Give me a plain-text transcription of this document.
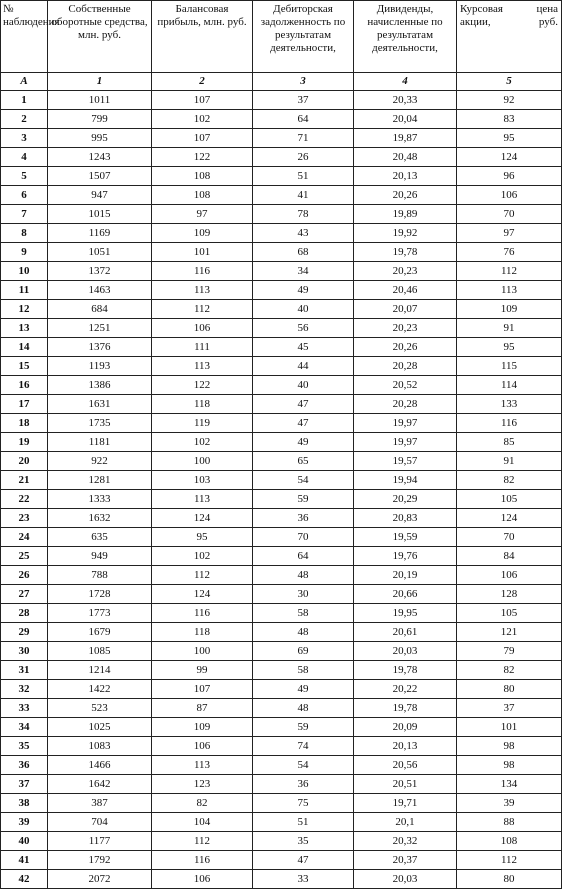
№ наблюдения	Собственные оборотные средства, млн. руб.	Балансовая прибыль, млн. руб.	Дебиторская задолженность по результатам деятельности,	Дивиденды, начисленные по результатам деятельности,	Курсовая цена акции, руб.

А	1	2	3	4	5
1	1011	107	37	20,33	92
2	799	102	64	20,04	83
3	995	107	71	19,87	95
4	1243	122	26	20,48	124
5	1507	108	51	20,13	96
6	947	108	41	20,26	106
7	1015	97	78	19,89	70
8	1169	109	43	19,92	97
9	1051	101	68	19,78	76
10	1372	116	34	20,23	112
11	1463	113	49	20,46	113
12	684	112	40	20,07	109
13	1251	106	56	20,23	91
14	1376	111	45	20,26	95
15	1193	113	44	20,28	115
16	1386	122	40	20,52	114
17	1631	118	47	20,28	133
18	1735	119	47	19,97	116
19	1181	102	49	19,97	85
20	922	100	65	19,57	91
21	1281	103	54	19,94	82
22	1333	113	59	20,29	105
23	1632	124	36	20,83	124
24	635	95	70	19,59	70
25	949	102	64	19,76	84
26	788	112	48	20,19	106
27	1728	124	30	20,66	128
28	1773	116	58	19,95	105
29	1679	118	48	20,61	121
30	1085	100	69	20,03	79
31	1214	99	58	19,78	82
32	1422	107	49	20,22	80
33	523	87	48	19,78	37
34	1025	109	59	20,09	101
35	1083	106	74	20,13	98
36	1466	113	54	20,56	98
37	1642	123	36	20,51	134
38	387	82	75	19,71	39
39	704	104	51	20,1	88
40	1177	112	35	20,32	108
41	1792	116	47	20,37	112
42	2072	106	33	20,03	80
